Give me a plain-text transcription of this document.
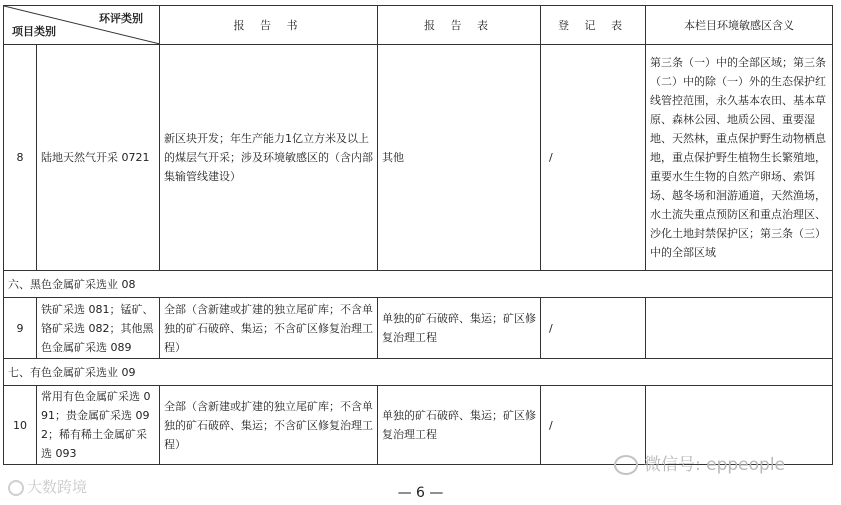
环评类别
项目类别		报 告 书	报 告 表	登 记 表	本栏目环境敏感区含义
8	陆地天然气开采 0721	新区块开发；年生产能力1亿立方米及以上的煤层气开采；涉及环境敏感区的（含内部集输管线建设）	其他	/	第三条（一）中的全部区域；第三条（二）中的除（一）外的生态保护红线管控范围，永久基本农田、基本草原、森林公园、地质公园、重要湿地、天然林，重点保护野生动物栖息地，重点保护野生植物生长繁殖地，重要水生生物的自然产卵场、索饵场、越冬场和洄游通道，天然渔场，水土流失重点预防区和重点治理区、沙化土地封禁保护区；第三条（三）中的全部区域
六、黑色金属矿采选业 08					
9	铁矿采选 081；锰矿、铬矿采选 082；其他黑色金属矿采选 089	全部（含新建或扩建的独立尾矿库；不含单独的矿石破碎、集运；不含矿区修复治理工程）	单独的矿石破碎、集运；矿区修复治理工程	/	
七、有色金属矿采选业 09					
10	常用有色金属矿采选 091；贵金属矿采选 092；稀有稀土金属矿采选 093	全部（含新建或扩建的独立尾矿库；不含单独的矿石破碎、集运；不含矿区修复治理工程）	单独的矿石破碎、集运；矿区修复治理工程	/	
微信号: eppeople
大数跨境	— 6 —
